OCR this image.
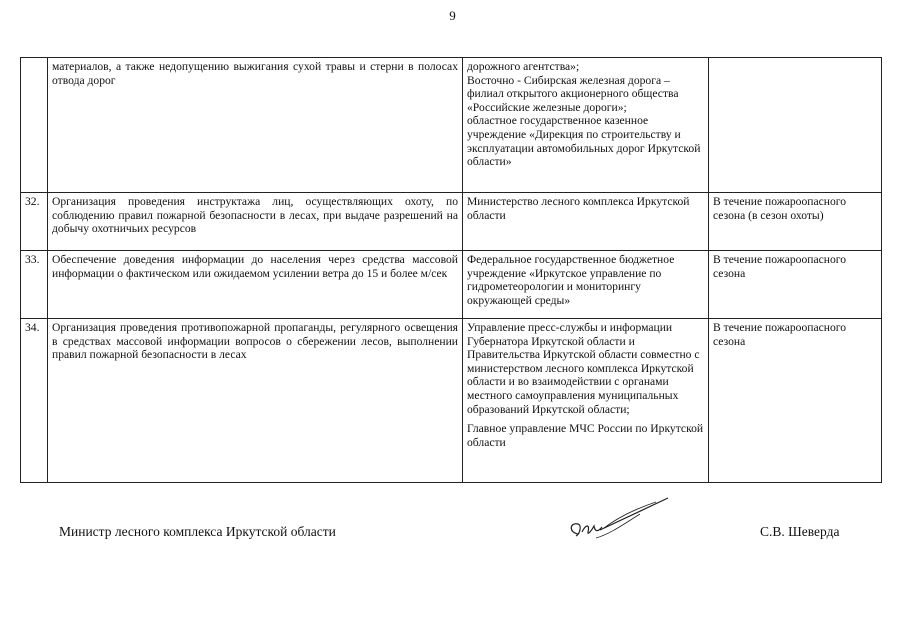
9
	материалов, а также недопущению выжигания сухой травы и стерни в полосах отвода дорог	дорожного агентства»;
Восточно - Сибирская железная дорога – филиал открытого акционерного общества «Российские железные дороги»;
областное государственное казенное учреждение «Дирекция по строительству и эксплуатации автомобильных дорог Иркутской области»	

32.	Организация проведения инструктажа лиц, осуществляющих охоту, по соблюдению правил пожарной безопасности в лесах, при выдаче разрешений на добычу охотничьих ресурсов	Министерство лесного комплекса Иркутской области	В течение пожароопасного сезона (в сезон охоты)
33.	Обеспечение доведения информации до населения через средства массовой информации о фактическом или ожидаемом усилении ветра до 15 и более м/сек	Федеральное государственное бюджетное учреждение «Иркутское управление по гидрометеорологии и мониторингу окружающей среды»	В течение пожароопасного сезона
34.	Организация проведения противопожарной пропаганды, регулярного освещения в средствах массовой информации вопросов о сбережении лесов, выполнении правил пожарной безопасности в лесах	Управление пресс-службы и информации Губернатора Иркутской области и Правительства Иркутской области совместно с министерством лесного комплекса Иркутской области и во взаимодействии с органами местного самоуправления муниципальных образований Иркутской области;
Главное управление МЧС России по Иркутской области	В течение пожароопасного сезона
Министр лесного комплекса Иркутской области	С.В. Шеверда
